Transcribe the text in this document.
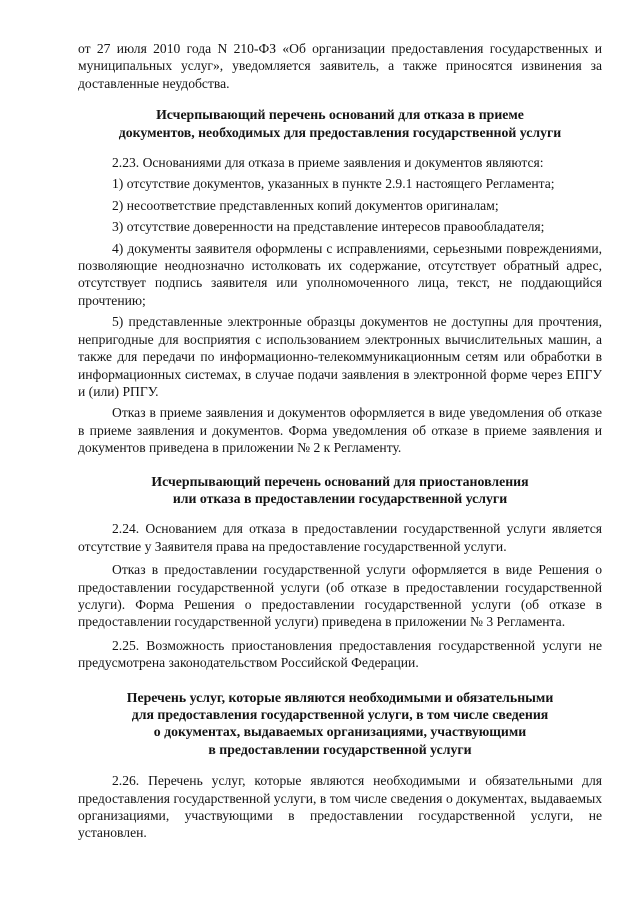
от 27 июля 2010 года N 210-ФЗ «Об организации предоставления государственных и муниципальных услуг», уведомляется заявитель, а также приносятся извинения за доставленные неудобства.

Исчерпывающий перечень оснований для отказа в приеме
документов, необходимых для предоставления государственной услуги

2.23. Основаниями для отказа в приеме заявления и документов являются:

1) отсутствие документов, указанных в пункте 2.9.1 настоящего Регламента;

2) несоответствие представленных копий документов оригиналам;

3) отсутствие доверенности на представление интересов правообладателя;

4) документы заявителя оформлены с исправлениями, серьезными повреждениями, позволяющие неоднозначно истолковать их содержание, отсутствует обратный адрес, отсутствует подпись заявителя или уполномоченного лица, текст, не поддающийся прочтению;

5) представленные электронные образцы документов не доступны для прочтения, непригодные для восприятия с использованием электронных вычислительных машин, а также для передачи по информационно-телекоммуникационным сетям или обработки в информационных системах, в случае подачи заявления в электронной форме через ЕПГУ и (или) РПГУ.

Отказ в приеме заявления и документов оформляется в виде уведомления об отказе в приеме заявления и документов. Форма уведомления об отказе в приеме заявления и документов приведена в приложении № 2 к Регламенту.

Исчерпывающий перечень оснований для приостановления
или отказа в предоставлении государственной услуги

2.24. Основанием для отказа в предоставлении государственной услуги является отсутствие у Заявителя права на предоставление государственной услуги.

Отказ в предоставлении государственной услуги оформляется в виде Решения о предоставлении государственной услуги (об отказе в предоставлении государственной услуги). Форма Решения о предоставлении государственной услуги (об отказе в предоставлении государственной услуги) приведена в приложении № 3 Регламента.

2.25. Возможность приостановления предоставления государственной услуги не предусмотрена законодательством Российской Федерации.

Перечень услуг, которые являются необходимыми и обязательными
для предоставления государственной услуги, в том числе сведения
о документах, выдаваемых организациями, участвующими
в предоставлении государственной услуги

2.26. Перечень услуг, которые являются необходимыми и обязательными для предоставления государственной услуги, в том числе сведения о документах, выдаваемых организациями, участвующими в предоставлении государственной услуги, не установлен.
